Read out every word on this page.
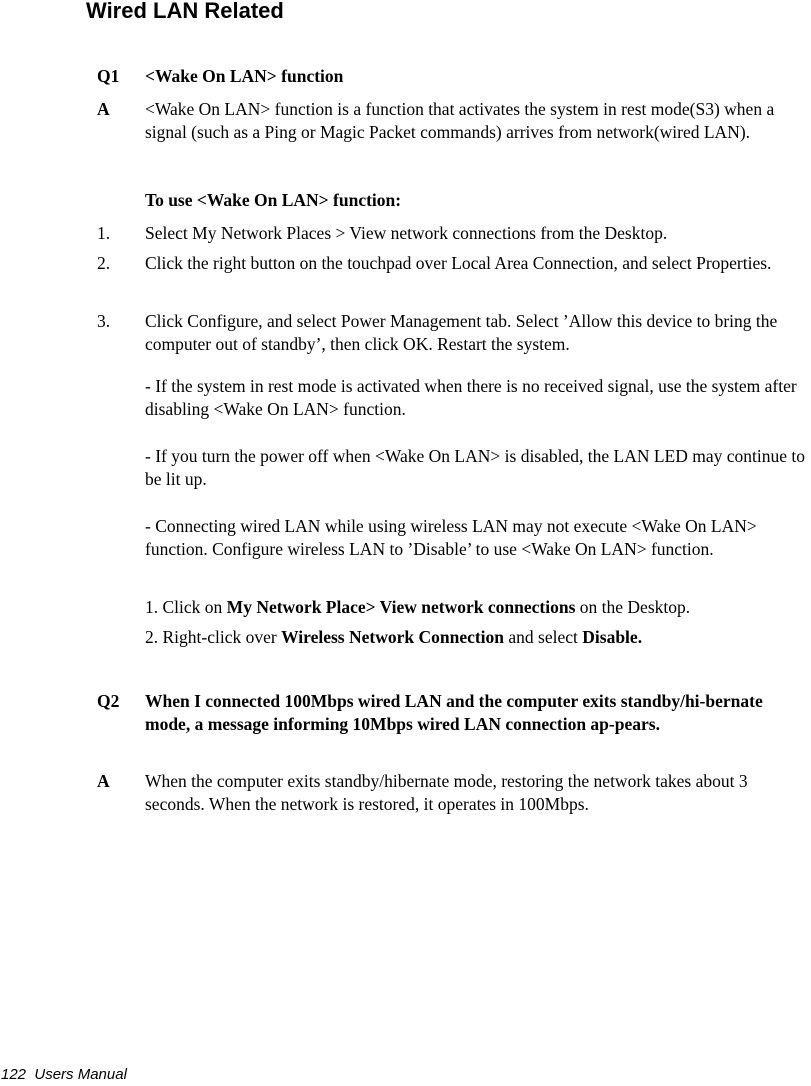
Wired LAN Related
Q1	<Wake On LAN> function
A	<Wake On LAN> function is a function that activates the system in rest mode(S3) when a signal (such as a Ping or Magic Packet commands) arrives from network(wired LAN).
To use <Wake On LAN> function:
1.	Select My Network Places > View network connections from the Desktop.
2.	Click the right button on the touchpad over Local Area Connection, and select Properties.
3.	Click Configure, and select Power Management tab. Select ’Allow this device to bring the computer out of standby’, then click OK. Restart the system.
- If the system in rest mode is activated when there is no received signal, use the system after disabling <Wake On LAN> function.
- If you turn the power off when <Wake On LAN> is disabled, the LAN LED may continue to be lit up.
- Connecting wired LAN while using wireless LAN may not execute <Wake On LAN> function. Configure wireless LAN to ’Disable’ to use <Wake On LAN> function.
1. Click on My Network Place> View network connections on the Desktop.
2. Right-click over Wireless Network Connection and select Disable.
Q2	When I connected 100Mbps wired LAN and the computer exits standby/hi-bernate mode, a message informing 10Mbps wired LAN connection ap-pears.
A	When the computer exits standby/hibernate mode, restoring the network takes about 3 seconds. When the network is restored, it operates in 100Mbps.
122 Users Manual
